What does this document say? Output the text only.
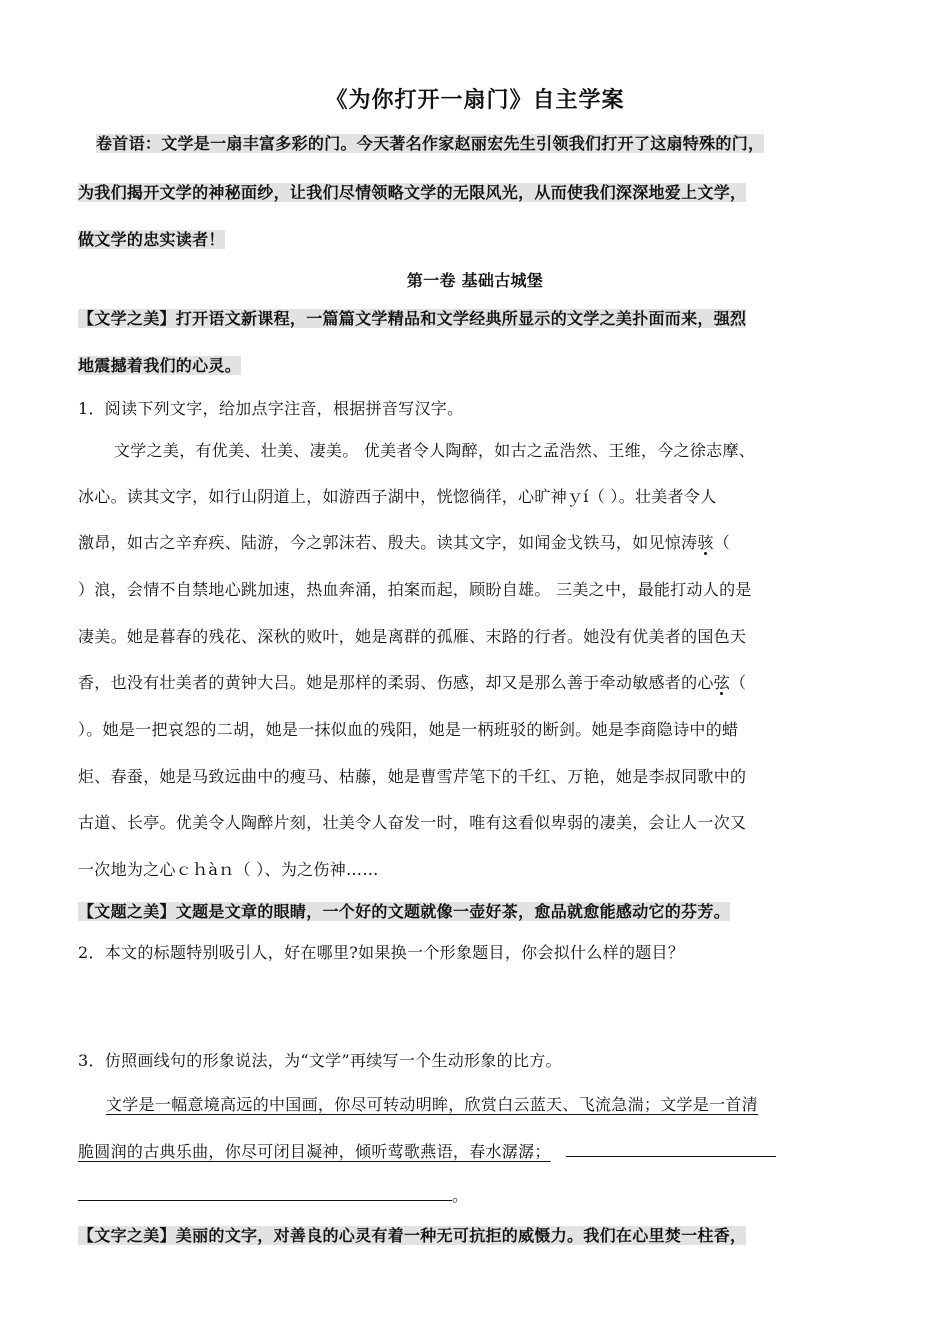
《为你打开一扇门》自主学案
卷首语：文学是一扇丰富多彩的门。今天著名作家赵丽宏先生引领我们打开了这扇特殊的门，
为我们揭开文学的神秘面纱，让我们尽情领略文学的无限风光，从而使我们深深地爱上文学，
做文学的忠实读者！
第一卷 基础古城堡
【文学之美】打开语文新课程，一篇篇文学精品和文学经典所显示的文学之美扑面而来，强烈
地震撼着我们的心灵。
1．阅读下列文字，给加点字注音，根据拼音写汉字。
文学之美，有优美、壮美、凄美。 优美者令人陶醉，如古之孟浩然、王维，今之徐志摩、
冰心。读其文字，如行山阴道上，如游西子湖中，恍惚徜徉，心旷神ｙí（ ）。壮美者令人
激昂，如古之辛弃疾、陆游，今之郭沫若、殷夫。读其文字，如闻金戈铁马，如见惊涛骇（
）浪，会情不自禁地心跳加速，热血奔涌，拍案而起，顾盼自雄。 三美之中，最能打动人的是
凄美。她是暮春的残花、深秋的败叶，她是离群的孤雁、末路的行者。她没有优美者的国色天
香，也没有壮美者的黄钟大吕。她是那样的柔弱、伤感，却又是那么善于牵动敏感者的心弦（
）。她是一把哀怨的二胡，她是一抹似血的残阳，她是一柄班驳的断剑。她是李商隐诗中的蜡
炬、春蚕，她是马致远曲中的瘦马、枯藤，她是曹雪芹笔下的千红、万艳，她是李叔同歌中的
古道、长亭。优美令人陶醉片刻，壮美令人奋发一时，唯有这看似卑弱的凄美，会让人一次又
一次地为之心ｃｈàｎ（ ）、为之伤神……
【文题之美】文题是文章的眼睛，一个好的文题就像一壶好茶，愈品就愈能感动它的芬芳。
2．本文的标题特别吸引人，好在哪里?如果换一个形象题目，你会拟什么样的题目？
3．仿照画线句的形象说法，为“文学”再续写一个生动形象的比方。
文学是一幅意境高远的中国画，你尽可转动明眸，欣赏白云蓝天、飞流急湍；文学是一首清
脆圆润的古典乐曲，你尽可闭目凝神，倾听莺歌燕语，春水潺潺；
。
【文字之美】美丽的文字，对善良的心灵有着一种无可抗拒的威慑力。我们在心里焚一柱香，
